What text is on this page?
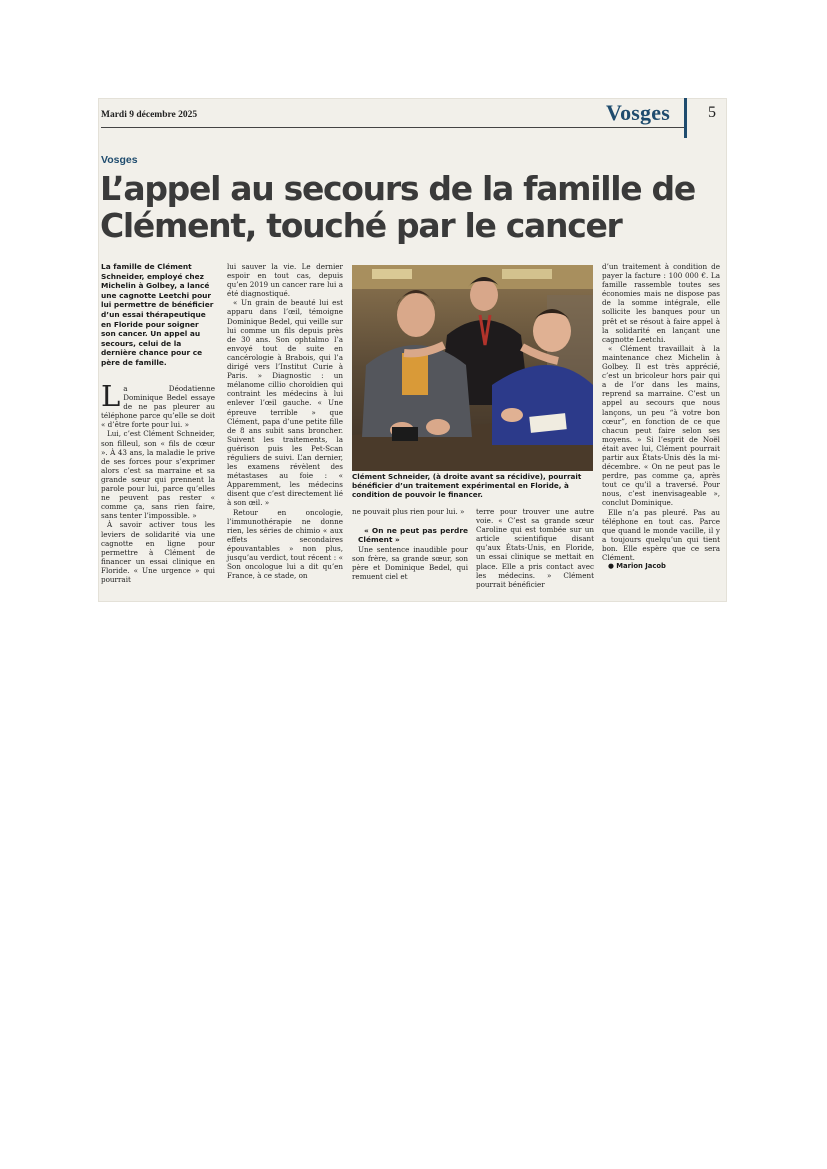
Mardi 9 décembre 2025	Vosges 5
Vosges
L’appel au secours de la famille de Clément, touché par le cancer

La famille de Clément Schneider, employé chez Michelin à Golbey, a lancé une cagnotte Leetchi pour lui permettre de bénéficier d’un essai thérapeutique en Floride pour soigner son cancer. Un appel au secours, celui de la dernière chance pour ce père de famille.

La Déodatienne Dominique Bedel essaye de ne pas pleurer au téléphone parce qu’elle se doit « d’être forte pour lui. »

Lui, c’est Clément Schneider, son filleul, son « fils de cœur ». À 43 ans, la maladie le prive de ses forces pour s’exprimer alors c’est sa marraine et sa grande sœur qui prennent la parole pour lui, parce qu’elles ne peuvent pas rester « comme ça, sans rien faire, sans tenter l’impossible. »

À savoir activer tous les leviers de solidarité via une cagnotte en ligne pour permettre à Clément de financer un essai clinique en Floride. « Une urgence » qui pourrait

lui sauver la vie. Le dernier espoir en tout cas, depuis qu’en 2019 un cancer rare lui a été diagnostiqué.

« Un grain de beauté lui est apparu dans l’œil, témoigne Dominique Bedel, qui veille sur lui comme un fils depuis près de 30 ans. Son ophtalmo l’a envoyé tout de suite en cancérologie à Brabois, qui l’a dirigé vers l’Institut Curie à Paris. » Diagnostic : un mélanome cillio choroïdien qui contraint les médecins à lui enlever l’œil gauche. « Une épreuve terrible » que Clément, papa d’une petite fille de 8 ans subit sans broncher. Suivent les traitements, la guérison puis les Pet-Scan réguliers de suivi. L’an dernier, les examens révèlent des métastases au foie : « Apparemment, les médecins disent que c’est directement lié à son œil. »

Retour en oncologie, l’immunothérapie ne donne rien, les séries de chimio « aux effets secondaires épouvantables » non plus, jusqu’au verdict, tout récent : « Son oncologue lui a dit qu’en France, à ce stade, on

Clément Schneider, (à droite avant sa récidive), pourrait bénéficier d’un traitement expérimental en Floride, à condition de pouvoir le financer.

ne pouvait plus rien pour lui. »

« On ne peut pas perdre Clément »

Une sentence inaudible pour son frère, sa grande sœur, son père et Dominique Bedel, qui remuent ciel et

terre pour trouver une autre voie. « C’est sa grande sœur Caroline qui est tombée sur un article scientifique disant qu’aux États-Unis, en Floride, un essai clinique se mettait en place. Elle a pris contact avec les médecins. » Clément pourrait bénéficier

d’un traitement à condition de payer la facture : 100 000 €. La famille rassemble toutes ses économies mais ne dispose pas de la somme intégrale, elle sollicite les banques pour un prêt et se résout à faire appel à la solidarité en lançant une cagnotte Leetchi.

« Clément travaillait à la maintenance chez Michelin à Golbey. Il est très apprécié, c’est un bricoleur hors pair qui a de l’or dans les mains, reprend sa marraine. C’est un appel au secours que nous lançons, un peu “à votre bon cœur”, en fonction de ce que chacun peut faire selon ses moyens. » Si l’esprit de Noël était avec lui, Clément pourrait partir aux États-Unis dès la mi-décembre. « On ne peut pas le perdre, pas comme ça, après tout ce qu’il a traversé. Pour nous, c’est inenvisageable », conclut Dominique.

Elle n’a pas pleuré. Pas au téléphone en tout cas. Parce que quand le monde vacille, il y a toujours quelqu’un qui tient bon. Elle espère que ce sera Clément.

● Marion Jacob
